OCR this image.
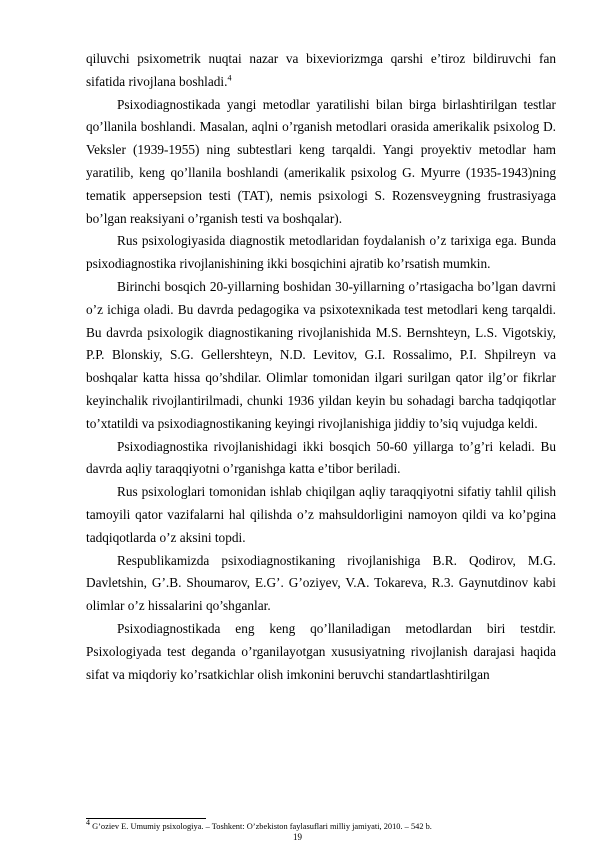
qiluvchi psixometrik nuqtai nazar va bixeviorizmga qarshi e’tiroz bildiruvchi fan sifatida rivojlana boshladi.$^4$

Psixodiagnostikada yangi metodlar yaratilishi bilan birga birlashtirilgan testlar qo’llanila boshlandi. Masalan, aqlni o’rganish metodlari orasida amerikalik psixolog D. Veksler (1939-1955) ning subtestlari keng tarqaldi. Yangi proyektiv metodlar ham yaratilib, keng qo’llanila boshlandi (amerikalik psixolog G. Myurre (1935-1943)ning tematik appersepsion testi (TAT), nemis psixologi S. Rozensveygning frustrasiyaga bo’lgan reaksiyani o’rganish testi va boshqalar).

Rus psixologiyasida diagnostik metodlaridan foydalanish o’z tarixiga ega. Bunda psixodiagnostika rivojlanishining ikki bosqichini ajratib ko’rsatish mumkin.

Birinchi bosqich 20-yillarning boshidan 30-yillarning o’rtasigacha bo’lgan davrni o’z ichiga oladi. Bu davrda pedagogika va psixotexnikada test metodlari keng tarqaldi. Bu davrda psixologik diagnostikaning rivojlanishida M.S. Bernshteyn, L.S. Vigotskiy, P.P. Blonskiy, S.G. Gellershteyn, N.D. Levitov, G.I. Rossalimo, P.I. Shpilreyn va boshqalar katta hissa qo’shdilar. Olimlar tomonidan ilgari surilgan qator ilg’or fikrlar keyinchalik rivojlantirilmadi, chunki 1936 yildan keyin bu sohadagi barcha tadqiqotlar to’xtatildi va psixodiagnostikaning keyingi rivojlanishiga jiddiy to’siq vujudga keldi.

Psixodiagnostika rivojlanishidagi ikki bosqich 50-60 yillarga to’g’ri keladi. Bu davrda aqliy taraqqiyotni o’rganishga katta e’tibor beriladi.

Rus psixologlari tomonidan ishlab chiqilgan aqliy taraqqiyotni sifatiy tahlil qilish tamoyili qator vazifalarni hal qilishda o’z mahsuldorligini namoyon qildi va ko’pgina tadqiqotlarda o’z aksini topdi.

Respublikamizda psixodiagnostikaning rivojlanishiga B.R. Qodirov, M.G. Davletshin, G’.B. Shoumarov, E.G’. G’oziyev, V.A. Tokareva, R.3. Gaynutdinov kabi olimlar o’z hissalarini qo’shganlar.

Psixodiagnostikada eng keng qo’llaniladigan metodlardan biri testdir. Psixologiyada test deganda o’rganilayotgan xususiyatning rivojlanish darajasi haqida sifat va miqdoriy ko’rsatkichlar olish imkonini beruvchi standartlashtirilgan

4 G’oziev E. Umumiy psixologiya. – Toshkent: O’zbekiston faylasuflari milliy jamiyati, 2010. – 542 b.
19
